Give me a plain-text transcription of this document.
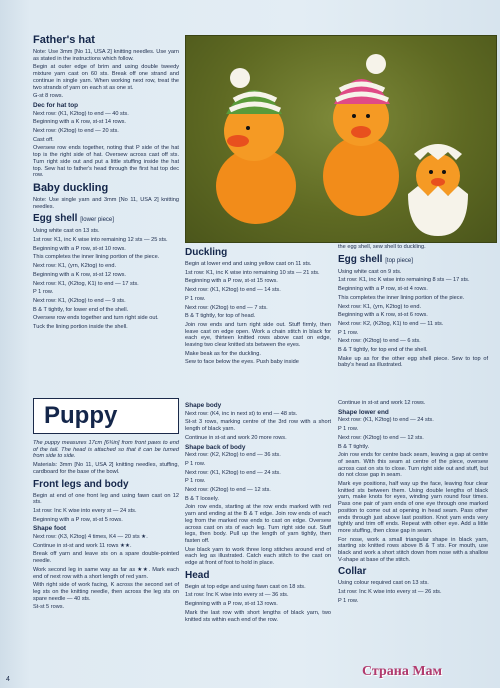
Father's hat
Note: Use 3mm [No 11, USA 2] knitting needles. Use yarn as stated in the instructions which follow.
Begin at outer edge of brim and using double tweedy mixture yarn cast on 60 sts. Break off one strand and continue in single yarn. When working next row, treat the two strands of yarn on each st as one st.
G-st 8 rows.
Dec for hat top
Next row: (K1, K2tog) to end — 40 sts.
Beginning with a K row, st-st 14 rows.
Next row: (K2tog) to end — 20 sts.
Cast off.
Oversew row ends together, noting that P side of the hat top is the right side of hat. Oversew across cast off sts. Turn right side out and put a little stuffing inside the hat top. Sew hat to father's head through the first hat top dec row.
Baby duckling
Note: Use single yarn and 3mm [No 11, USA 2] knitting needles.
Egg shell [lower piece]
Using white cast on 13 sts.
1st row: K1, inc K wise into remaining 12 sts — 25 sts.
Beginning with a P row, st-st 10 rows.
This completes the inner lining portion of the piece.
Next row: K1, (yrn, K2tog) to end.
Beginning with a K row, st-st 12 rows.
Next row: K1, (K2tog, K1) to end — 17 sts.
P 1 row.
Next row: K1, (K2tog) to end — 9 sts.
B & T tightly, for lower end of the shell.
Oversew row ends together and turn right side out.
Tuck the lining portion inside the shell.
Duckling
Begin at lower end and using yellow cast on 11 sts.
1st row: K1, inc K wise into remaining 10 sts — 21 sts.
Beginning with a P row, st-st 15 rows.
Next row: (K1, K2tog) to end — 14 sts.
P 1 row.
Next row: (K2tog) to end — 7 sts.
B & T tightly, for top of head.
Join row ends and turn right side out. Stuff firmly, then leave cast on edge open. Work a chain stitch in black for each eye, thirteen knitted rows above cast on edge, leaving two clear knitted sts between the eyes.
Make beak as for the duckling.
Sew to face below the eyes. Push baby inside
the egg shell, sew shell to duckling.
Egg shell [top piece]
Using white cast on 9 sts.
1st row: K1, inc K wise into remaining 8 sts — 17 sts.
Beginning with a P row, st-st 4 rows.
This completes the inner lining portion of the piece.
Next row: K1, (yrn, K2tog) to end.
Beginning with a K row, st-st 6 rows.
Next row: K2, (K2tog, K1) to end — 11 sts.
P 1 row.
Next row: (K2tog) to end — 6 sts.
B & T tightly, for top end of the shell.
Make up as for the other egg shell piece. Sew to top of baby's head as illustrated.
Puppy
The puppy measures 17cm [6¾in] from front paws to end of the tail. The head is attached so that it can be turned from side to side.
Materials: 3mm [No 11, USA 2] knitting needles, stuffing, cardboard for the base of the bowl.
Front legs and body
Begin at end of one front leg and using fawn cast on 12 sts.
1st row: Inc K wise into every st — 24 sts.
Beginning with a P row, st-st 5 rows.
Shape foot
Next row: (K3, K2tog) 4 times, K4 — 20 sts ★.
Continue in st-st and work 11 rows ★★.
Break off yarn and leave sts on a spare double-pointed needle.
Work second leg in same way as far as ★★. Mark each end of next row with a short length of red yarn.
With right side of work facing, K across the second set of leg sts on the knitting needle, then across the leg sts on spare needle — 40 sts.
St-st 5 rows.
Shape body
Next row: (K4, inc in next st) to end — 48 sts.
St-st 3 rows, marking centre of the 3rd row with a short length of black yarn.
Continue in st-st and work 20 more rows.
Shape back of body
Next row: (K2, K2tog) to end — 36 sts.
P 1 row.
Next row: (K1, K2tog) to end — 24 sts.
P 1 row.
Next row: (K2tog) to end — 12 sts.
B & T loosely.
Join row ends, starting at the row ends marked with red yarn and ending at the B & T edge. Join row ends of each leg from the marked row ends to cast on edge. Oversew across cast on sts of each leg. Turn right side out. Stuff legs, then body. Pull up the length of yarn tightly, then fasten off.
Use black yarn to work three long stitches around end of each leg as illustrated. Catch each stitch to the cast on edge at front of foot to hold in place.
Head
Begin at top edge and using fawn cast on 18 sts.
1st row: Inc K wise into every st — 36 sts.
Beginning with a P row, st-st 13 rows.
Mark the last row with short lengths of black yarn, two knitted sts within each end of the row.
Continue in st-st and work 12 rows.
Shape lower end
Next row: (K1, K2tog) to end — 24 sts.
P 1 row.
Next row: (K2tog) to end — 12 sts.
B & T tightly.
Join row ends for centre back seam, leaving a gap at centre of seam. With this seam at centre of the piece, oversew across cast on sts to close. Turn right side out and stuff, but do not close gap in seam.
Mark eye positions, half way up the face, leaving four clear knitted sts between them. Using double lengths of black yarn, make knots for eyes, winding yarn round four times. Pass one pair of yarn ends of one eye through one marked position to come out at opening in head seam. Pass other ends through just above last position. Knot yarn ends very tightly and trim off ends. Repeat with other eye. Add a little more stuffing, then close gap in seam.
For nose, work a small triangular shape in black yarn, starting six knitted rows above B & T sts. For mouth, use black and work a short stitch down from nose with a shallow V-shape at base of the stitch.
Collar
Using colour required cast on 13 sts.
1st row: Inc K wise into every st — 26 sts.
P 1 row.
4
Страна Мам
